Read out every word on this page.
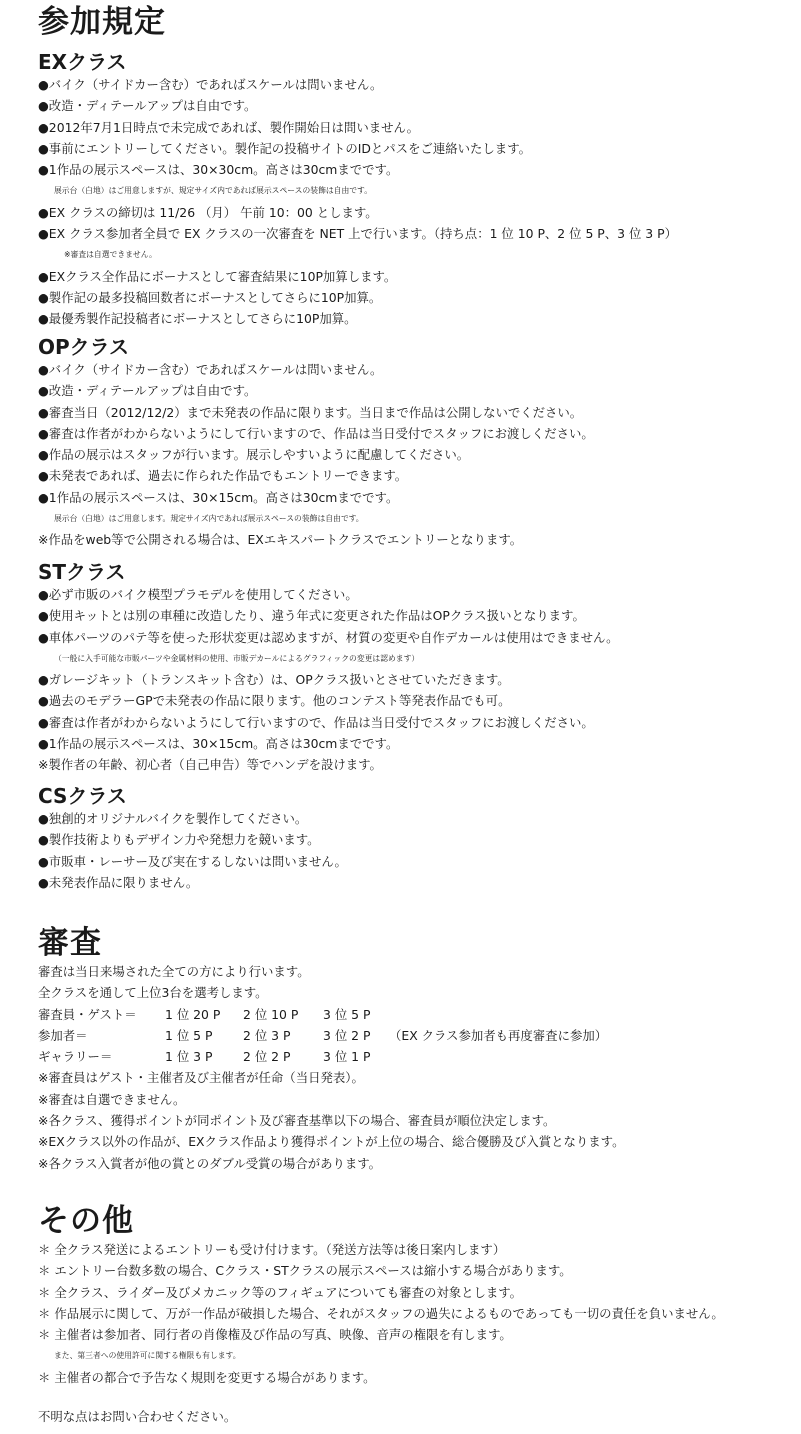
参加規定
EXクラス
●バイク（サイドカー含む）であればスケールは問いません。
●改造・ディテールアップは自由です。
●2012年7月1日時点で未完成であれば、製作開始日は問いません。
●事前にエントリーしてください。製作記の投稿サイトのIDとパスをご連絡いたします。
●1作品の展示スペースは、30×30cm。高さは30cmまでです。
展示台（白地）はご用意しますが、規定サイズ内であれば展示スペースの装飾は自由です。
●EX クラスの締切は 11/26 （月） 午前 10：00 とします。
●EX クラス参加者全員で EX クラスの一次審査を NET 上で行います。（持ち点：1 位 10 P、2 位 5 P、3 位 3 P）
※審査は自選できません。
●EXクラス全作品にボーナスとして審査結果に10P加算します。
●製作記の最多投稿回数者にボーナスとしてさらに10P加算。
●最優秀製作記投稿者にボーナスとしてさらに10P加算。
OPクラス
●バイク（サイドカー含む）であればスケールは問いません。
●改造・ディテールアップは自由です。
●審査当日（2012/12/2）まで未発表の作品に限ります。当日まで作品は公開しないでください。
●審査は作者がわからないようにして行いますので、作品は当日受付でスタッフにお渡しください。
●作品の展示はスタッフが行います。展示しやすいように配慮してください。
●未発表であれば、過去に作られた作品でもエントリーできます。
●1作品の展示スペースは、30×15cm。高さは30cmまでです。
展示台（白地）はご用意します。規定サイズ内であれば展示スペースの装飾は自由です。
※作品をweb等で公開される場合は、EXエキスパートクラスでエントリーとなります。
STクラス
●必ず市販のバイク模型プラモデルを使用してください。
●使用キットとは別の車種に改造したり、違う年式に変更された作品はOPクラス扱いとなります。
●車体パーツのパテ等を使った形状変更は認めますが、材質の変更や自作デカールは使用はできません。
（一般に入手可能な市販パーツや金属材料の使用、市販デカールによるグラフィックの変更は認めます）
●ガレージキット（トランスキット含む）は、OPクラス扱いとさせていただきます。
●過去のモデラーGPで未発表の作品に限ります。他のコンテスト等発表作品でも可。
●審査は作者がわからないようにして行いますので、作品は当日受付でスタッフにお渡しください。
●1作品の展示スペースは、30×15cm。高さは30cmまでです。
※製作者の年齢、初心者（自己申告）等でハンデを設けます。
CSクラス
●独創的オリジナルバイクを製作してください。
●製作技術よりもデザイン力や発想力を競います。
●市販車・レーサー及び実在するしないは問いません。
●未発表作品に限りません。
審査
審査は当日来場された全ての方により行います。
全クラスを通して上位3台を選考します。
審査員・ゲスト＝	1 位 20 P	2 位 10 P	3 位 5 P
参加者＝	1 位 5 P	2 位 3 P	3 位 2 P	（EX クラス参加者も再度審査に参加）
ギャラリー＝	1 位 3 P	2 位 2 P	3 位 1 P
※審査員はゲスト・主催者及び主催者が任命（当日発表）。
※審査は自選できません。
※各クラス、獲得ポイントが同ポイント及び審査基準以下の場合、審査員が順位決定します。
※EXクラス以外の作品が、EXクラス作品より獲得ポイントが上位の場合、総合優勝及び入賞となります。
※各クラス入賞者が他の賞とのダブル受賞の場合があります。
その他
＊ 全クラス発送によるエントリーも受け付けます。（発送方法等は後日案内します）
＊ エントリー台数多数の場合、Cクラス・STクラスの展示スペースは縮小する場合があります。
＊ 全クラス、ライダー及びメカニック等のフィギュアについても審査の対象とします。
＊ 作品展示に関して、万が一作品が破損した場合、それがスタッフの過失によるものであっても一切の責任を負いません。
＊ 主催者は参加者、同行者の肖像権及び作品の写真、映像、音声の権限を有します。
また、第三者への使用許可に関する権限も有します。
＊ 主催者の都合で予告なく規則を変更する場合があります。
不明な点はお問い合わせください。
